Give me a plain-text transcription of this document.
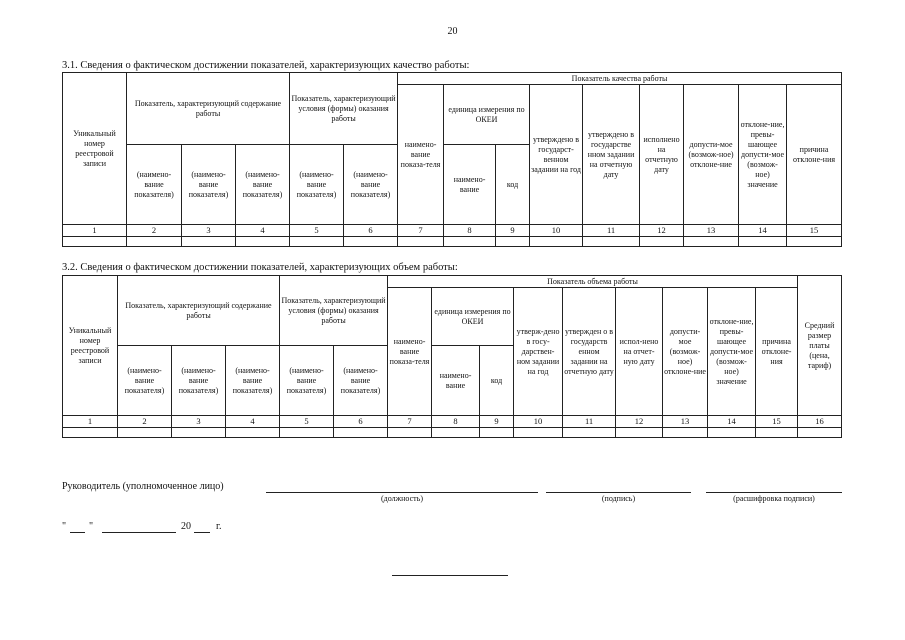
20
3.1. Сведения о фактическом достижении показателей, характеризующих качество работы:
Уникальный номер реестровой записи	Показатель, характеризующий содержание работы			Показатель, характеризующий условия (формы) оказания работы		Показатель качества работы								
						наимено-вание показа-теля	единица измерения по ОКЕИ		утверждено в государст-венном задании на год	утверждено в государстве нном задании на отчетную дату	исполнено на отчетную дату	допусти-мое (возмож-ное) отклоне-ние	отклоне-ние, превы-шающее допусти-мое (возмож-ное) значение	причина отклоне-ния
	(наимено-вание показателя)	(наимено-вание показателя)	(наимено-вание показателя)	(наимено-вание показателя)	(наимено-вание показателя)		наимено-вание	код						
1	2	3	4	5	6	7	8	9	10	11	12	13	14	15

3.2. Сведения о фактическом достижении показателей, характеризующих объем работы:
Уникальный номер реестровой записи	Показатель, характеризующий содержание работы			Показатель, характеризующий условия (формы) оказания работы		Показатель объема работы									Средний размер платы (цена, тариф)
						наимено-вание показа-теля	единица измерения по ОКЕИ		утверж-дено в госу-дарствен-ном задании на год	утвержден о в государств енном задании на отчетную дату	испол-нено на отчет-ную дату	допусти-мое (возмож-ное) отклоне-ние	отклоне-ние, превы-шающее допусти-мое (возмож-ное) значение	причина отклоне-ния	
	(наимено-вание показателя)	(наимено-вание показателя)	(наимено-вание показателя)	(наимено-вание показателя)	(наимено-вание показателя)		наимено-вание	код							
1	2	3	4	5	6	7	8	9	10	11	12	13	14	15	16

Руководитель (уполномоченное лицо)
(должность)	(подпись)	(расшифровка подписи)
" "	20	г.
